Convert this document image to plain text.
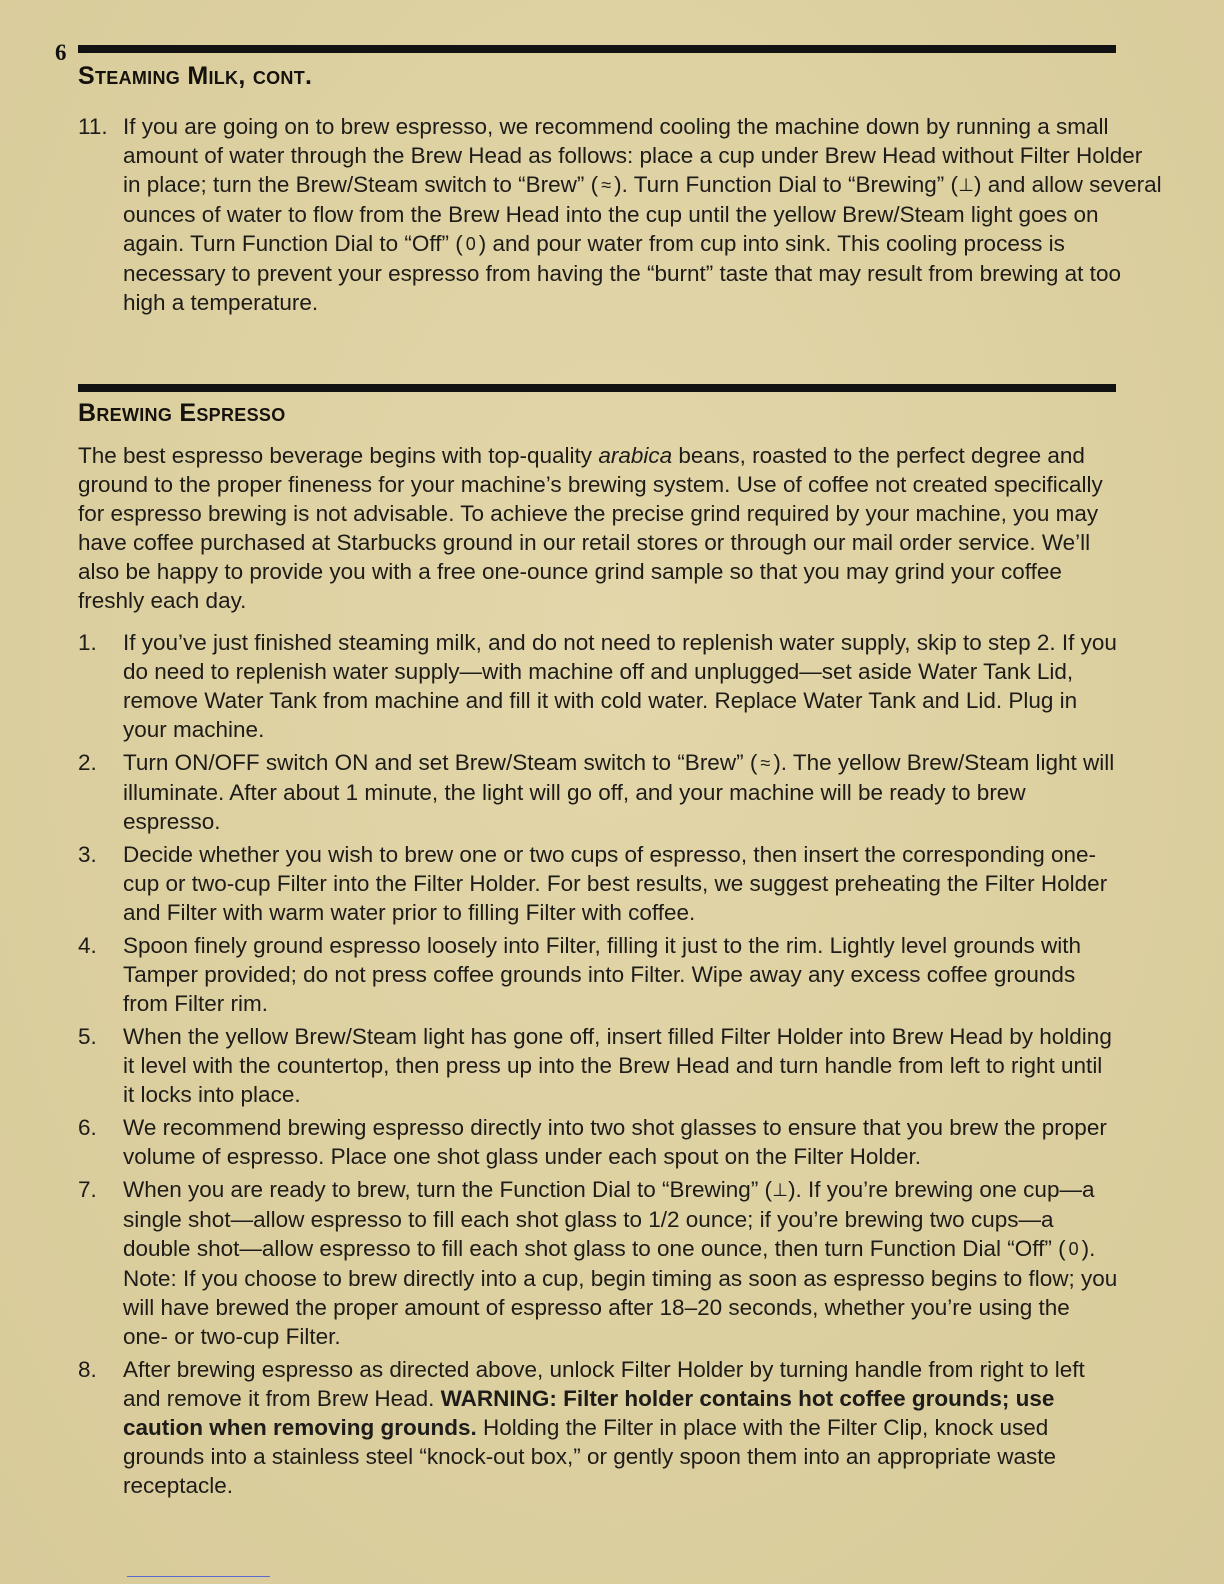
6
Steaming Milk, cont.
11. If you are going on to brew espresso, we recommend cooling the machine down by running a small amount of water through the Brew Head as follows: place a cup under Brew Head without Filter Holder in place; turn the Brew/Steam switch to “Brew” ( ≈ ). Turn Function Dial to “Brewing” (⊥) and allow several ounces of water to flow from the Brew Head into the cup until the yellow Brew/Steam light goes on again. Turn Function Dial to “Off” ( 0 ) and pour water from cup into sink. This cooling process is necessary to prevent your espresso from having the “burnt” taste that may result from brewing at too high a temperature.
Brewing Espresso

The best espresso beverage begins with top-quality arabica beans, roasted to the perfect degree and ground to the proper fineness for your machine’s brewing system. Use of coffee not created specifically for espresso brewing is not advisable. To achieve the precise grind required by your machine, you may have coffee purchased at Starbucks ground in our retail stores or through our mail order service. We’ll also be happy to provide you with a free one-ounce grind sample so that you may grind your coffee freshly each day.

1. If you’ve just finished steaming milk, and do not need to replenish water supply, skip to step 2. If you do need to replenish water supply—with machine off and unplugged—set aside Water Tank Lid, remove Water Tank from machine and fill it with cold water. Replace Water Tank and Lid. Plug in your machine.
2. Turn ON/OFF switch ON and set Brew/Steam switch to “Brew” ( ≈ ). The yellow Brew/Steam light will illuminate. After about 1 minute, the light will go off, and your machine will be ready to brew espresso.
3. Decide whether you wish to brew one or two cups of espresso, then insert the corresponding one-cup or two-cup Filter into the Filter Holder. For best results, we suggest preheating the Filter Holder and Filter with warm water prior to filling Filter with coffee.
4. Spoon finely ground espresso loosely into Filter, filling it just to the rim. Lightly level grounds with Tamper provided; do not press coffee grounds into Filter. Wipe away any excess coffee grounds from Filter rim.
5. When the yellow Brew/Steam light has gone off, insert filled Filter Holder into Brew Head by holding it level with the countertop, then press up into the Brew Head and turn handle from left to right until it locks into place.
6. We recommend brewing espresso directly into two shot glasses to ensure that you brew the proper volume of espresso. Place one shot glass under each spout on the Filter Holder.
7. When you are ready to brew, turn the Function Dial to “Brewing” (⊥). If you’re brewing one cup—a single shot—allow espresso to fill each shot glass to 1/2 ounce; if you’re brewing two cups—a double shot—allow espresso to fill each shot glass to one ounce, then turn Function Dial “Off” ( 0 ). Note: If you choose to brew directly into a cup, begin timing as soon as espresso begins to flow; you will have brewed the proper amount of espresso after 18–20 seconds, whether you’re using the one- or two-cup Filter.
8. After brewing espresso as directed above, unlock Filter Holder by turning handle from right to left and remove it from Brew Head. WARNING: Filter holder contains hot coffee grounds; use caution when removing grounds. Holding the Filter in place with the Filter Clip, knock used grounds into a stainless steel “knock-out box,” or gently spoon them into an appropriate waste receptacle.
